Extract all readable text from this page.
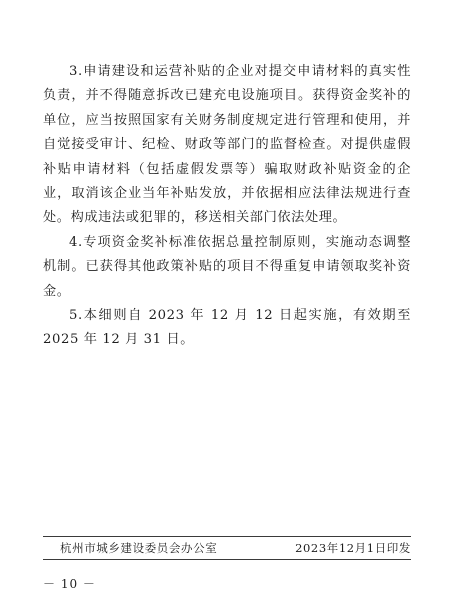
3.申请建设和运营补贴的企业对提交申请材料的真实性负责，并不得随意拆改已建充电设施项目。获得资金奖补的单位，应当按照国家有关财务制度规定进行管理和使用，并自觉接受审计、纪检、财政等部门的监督检查。对提供虚假补贴申请材料（包括虚假发票等）骗取财政补贴资金的企业，取消该企业当年补贴发放，并依据相应法律法规进行查处。构成违法或犯罪的，移送相关部门依法处理。

4.专项资金奖补标准依据总量控制原则，实施动态调整机制。已获得其他政策补贴的项目不得重复申请领取奖补资金。

5.本细则自 2023 年 12 月 12 日起实施，有效期至 2025 年 12 月 31 日。

杭州市城乡建设委员会办公室	2023年12月1日印发
－ 10 －
